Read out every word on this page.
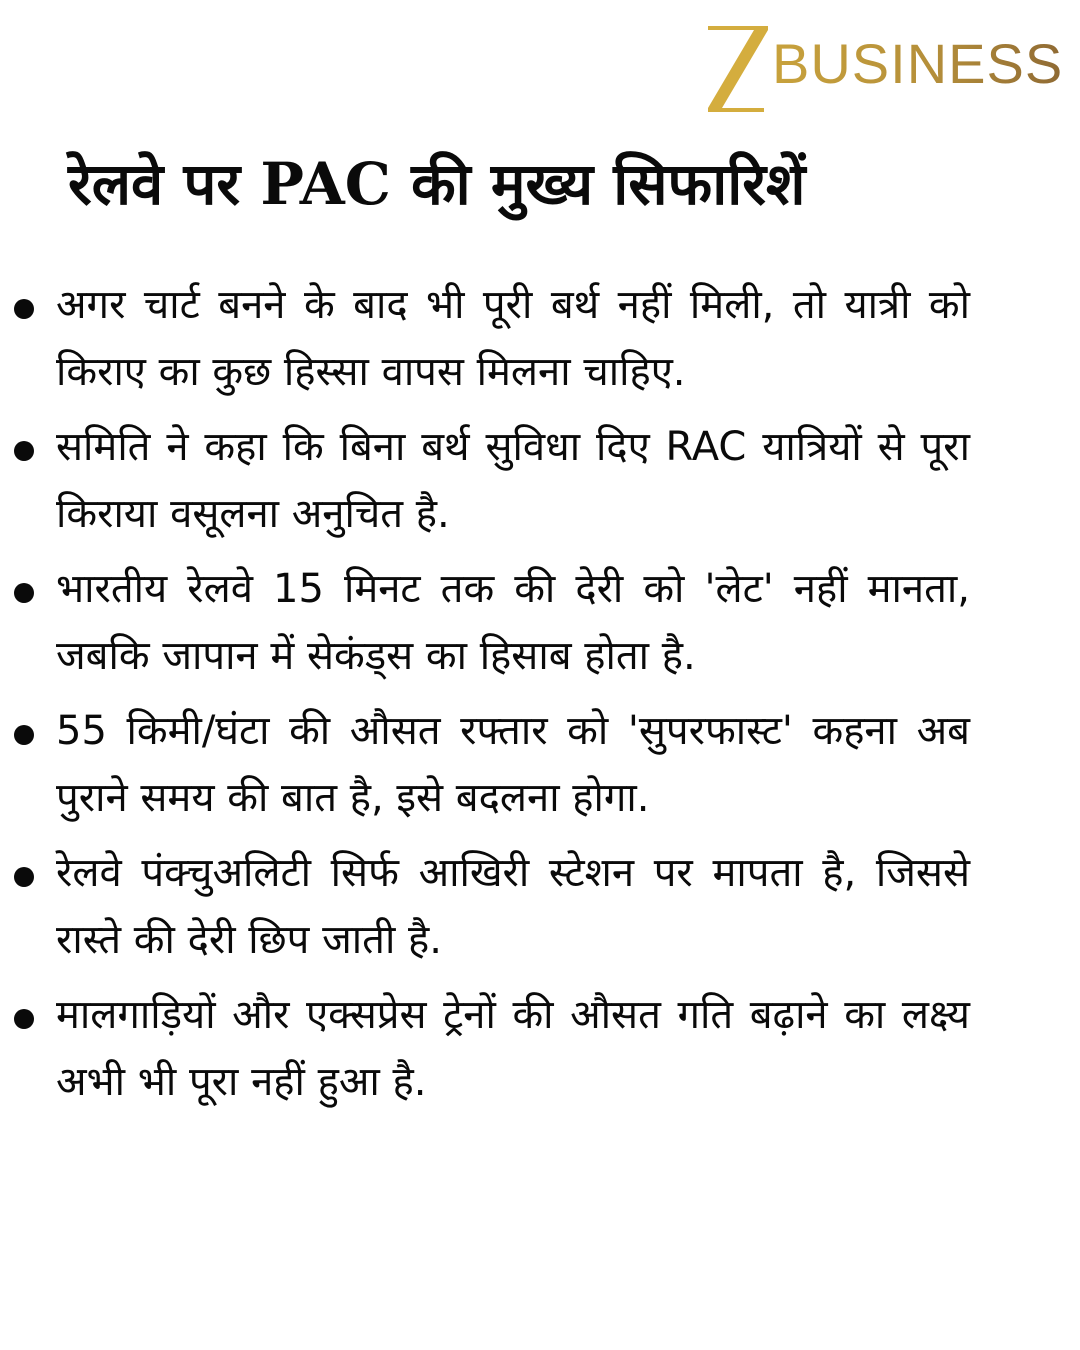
BUSINESS
रेलवे पर PAC की मुख्य सिफारिशें
अगर चार्ट बनने के बाद भी पूरी बर्थ नहीं मिली, तो यात्री को किराए का कुछ हिस्सा वापस मिलना चाहिए.
समिति ने कहा कि बिना बर्थ सुविधा दिए RAC यात्रियों से पूरा किराया वसूलना अनुचित है.
भारतीय रेलवे 15 मिनट तक की देरी को 'लेट' नहीं मानता, जबकि जापान में सेकंड्स का हिसाब होता है.
55 किमी/घंटा की औसत रफ्तार को 'सुपरफास्ट' कहना अब पुराने समय की बात है, इसे बदलना होगा.
रेलवे पंक्चुअलिटी सिर्फ आखिरी स्टेशन पर मापता है, जिससे रास्ते की देरी छिप जाती है.
मालगाड़ियों और एक्सप्रेस ट्रेनों की औसत गति बढ़ाने का लक्ष्य अभी भी पूरा नहीं हुआ है.
